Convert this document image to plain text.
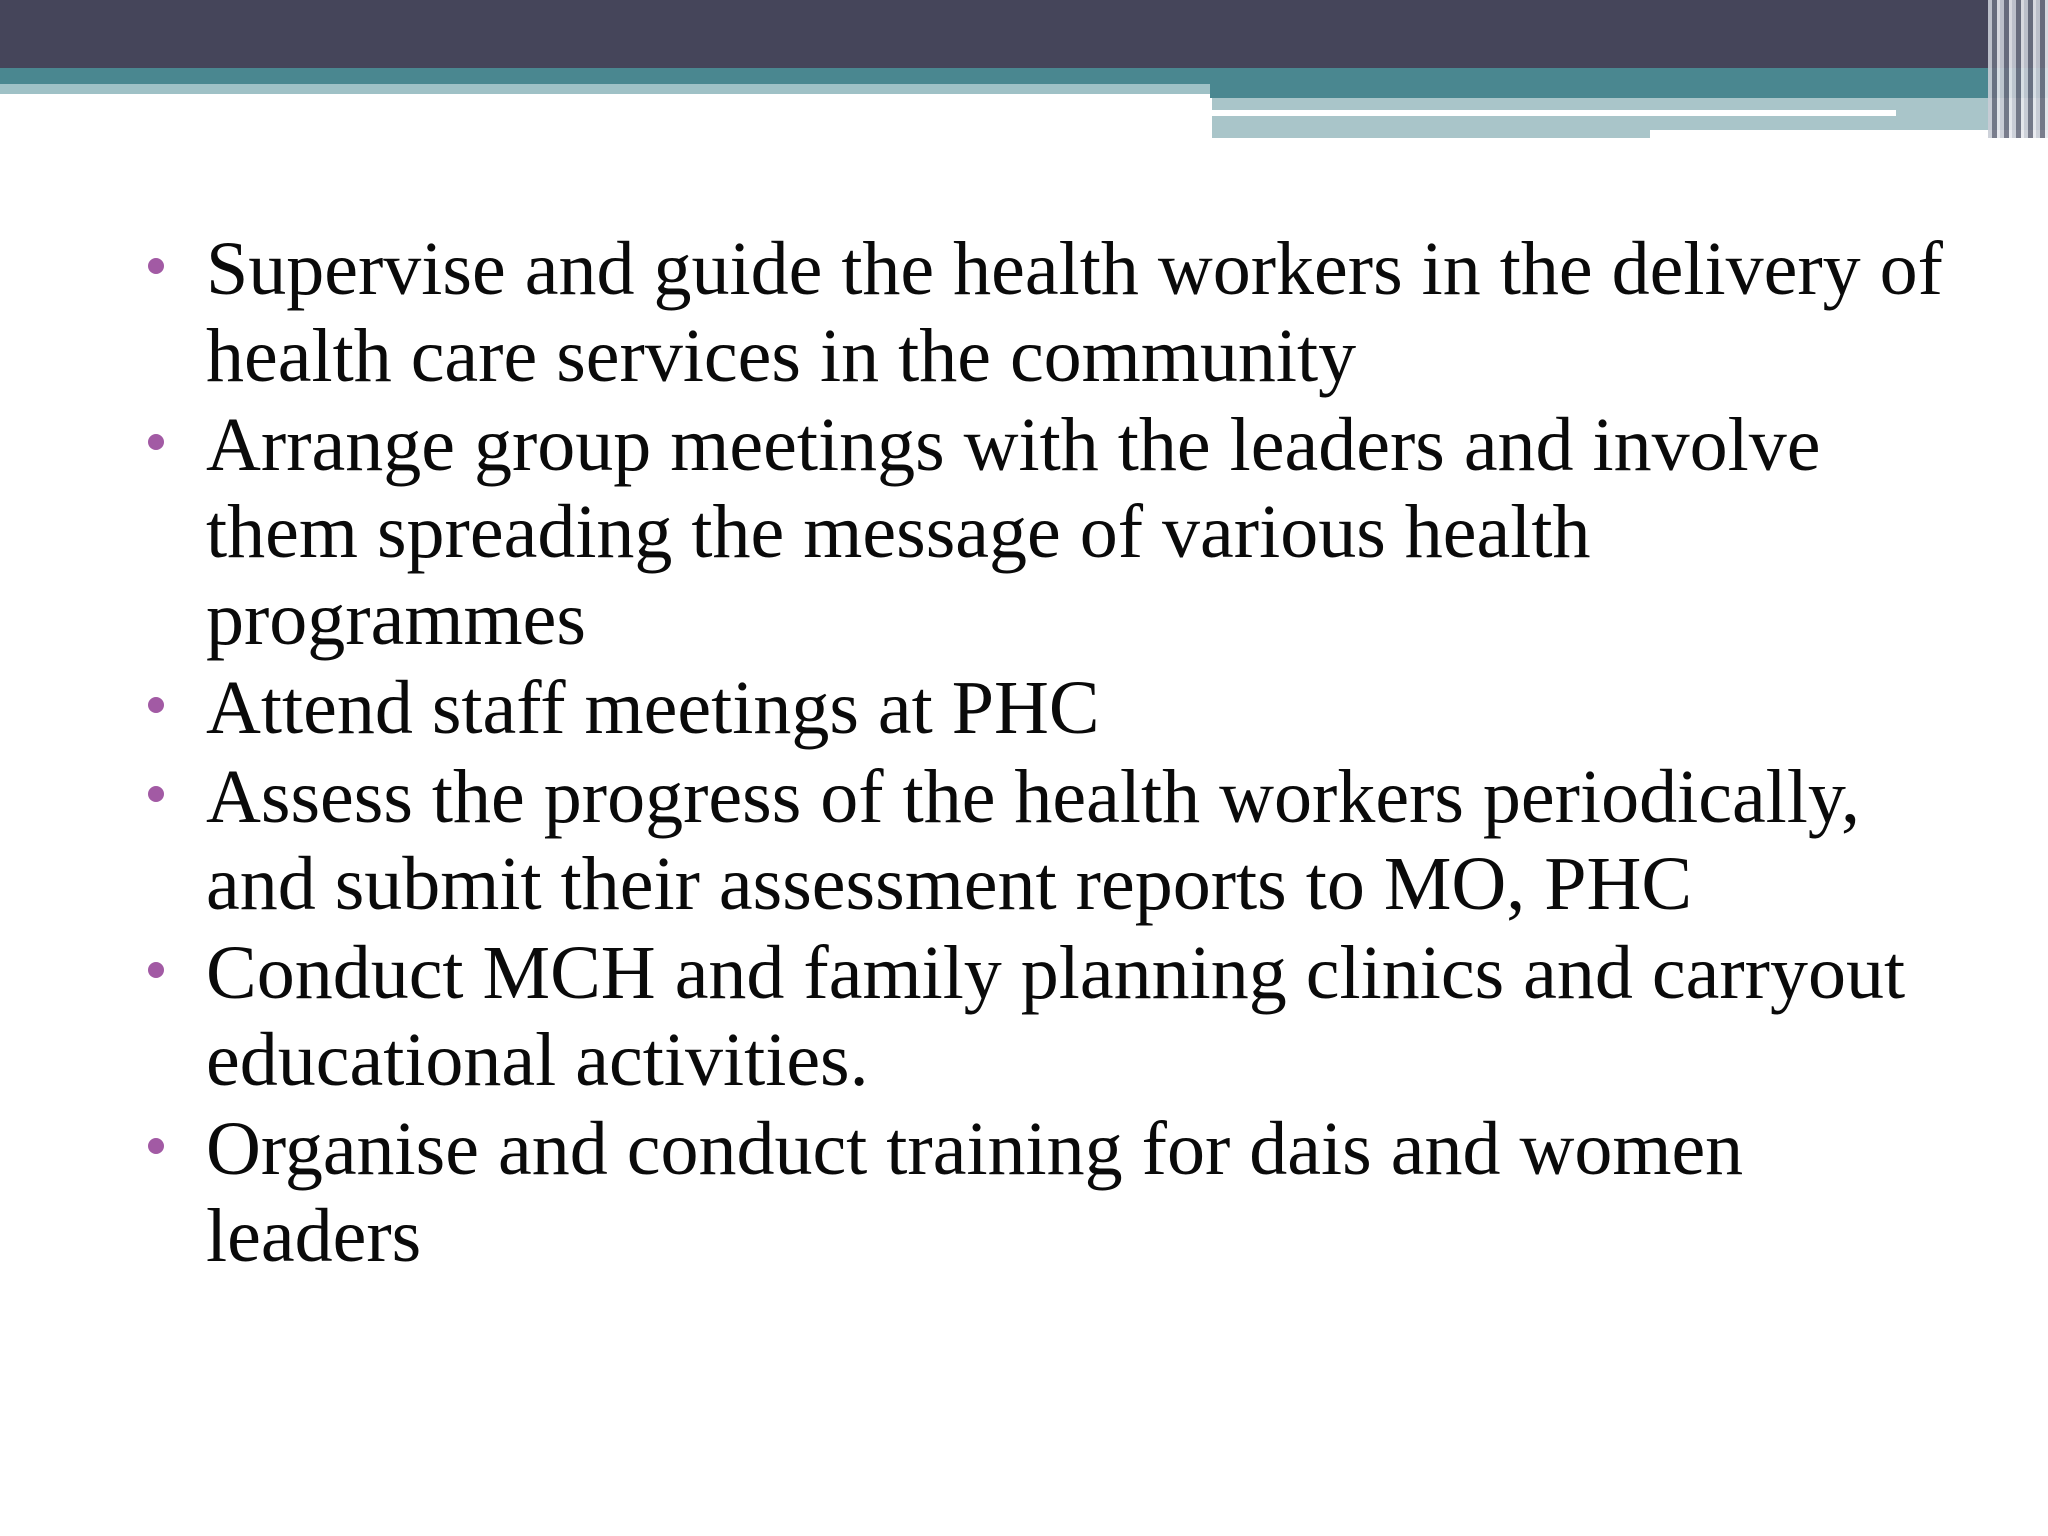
Supervise and guide the health workers in the delivery of health care services in the community
Arrange group meetings with the leaders and involve them spreading the message of various health programmes
Attend staff meetings at PHC
Assess the progress of the health workers periodically, and submit their assessment reports to MO, PHC
Conduct MCH and family planning clinics and carryout educational activities.
Organise and conduct training for dais and women leaders
